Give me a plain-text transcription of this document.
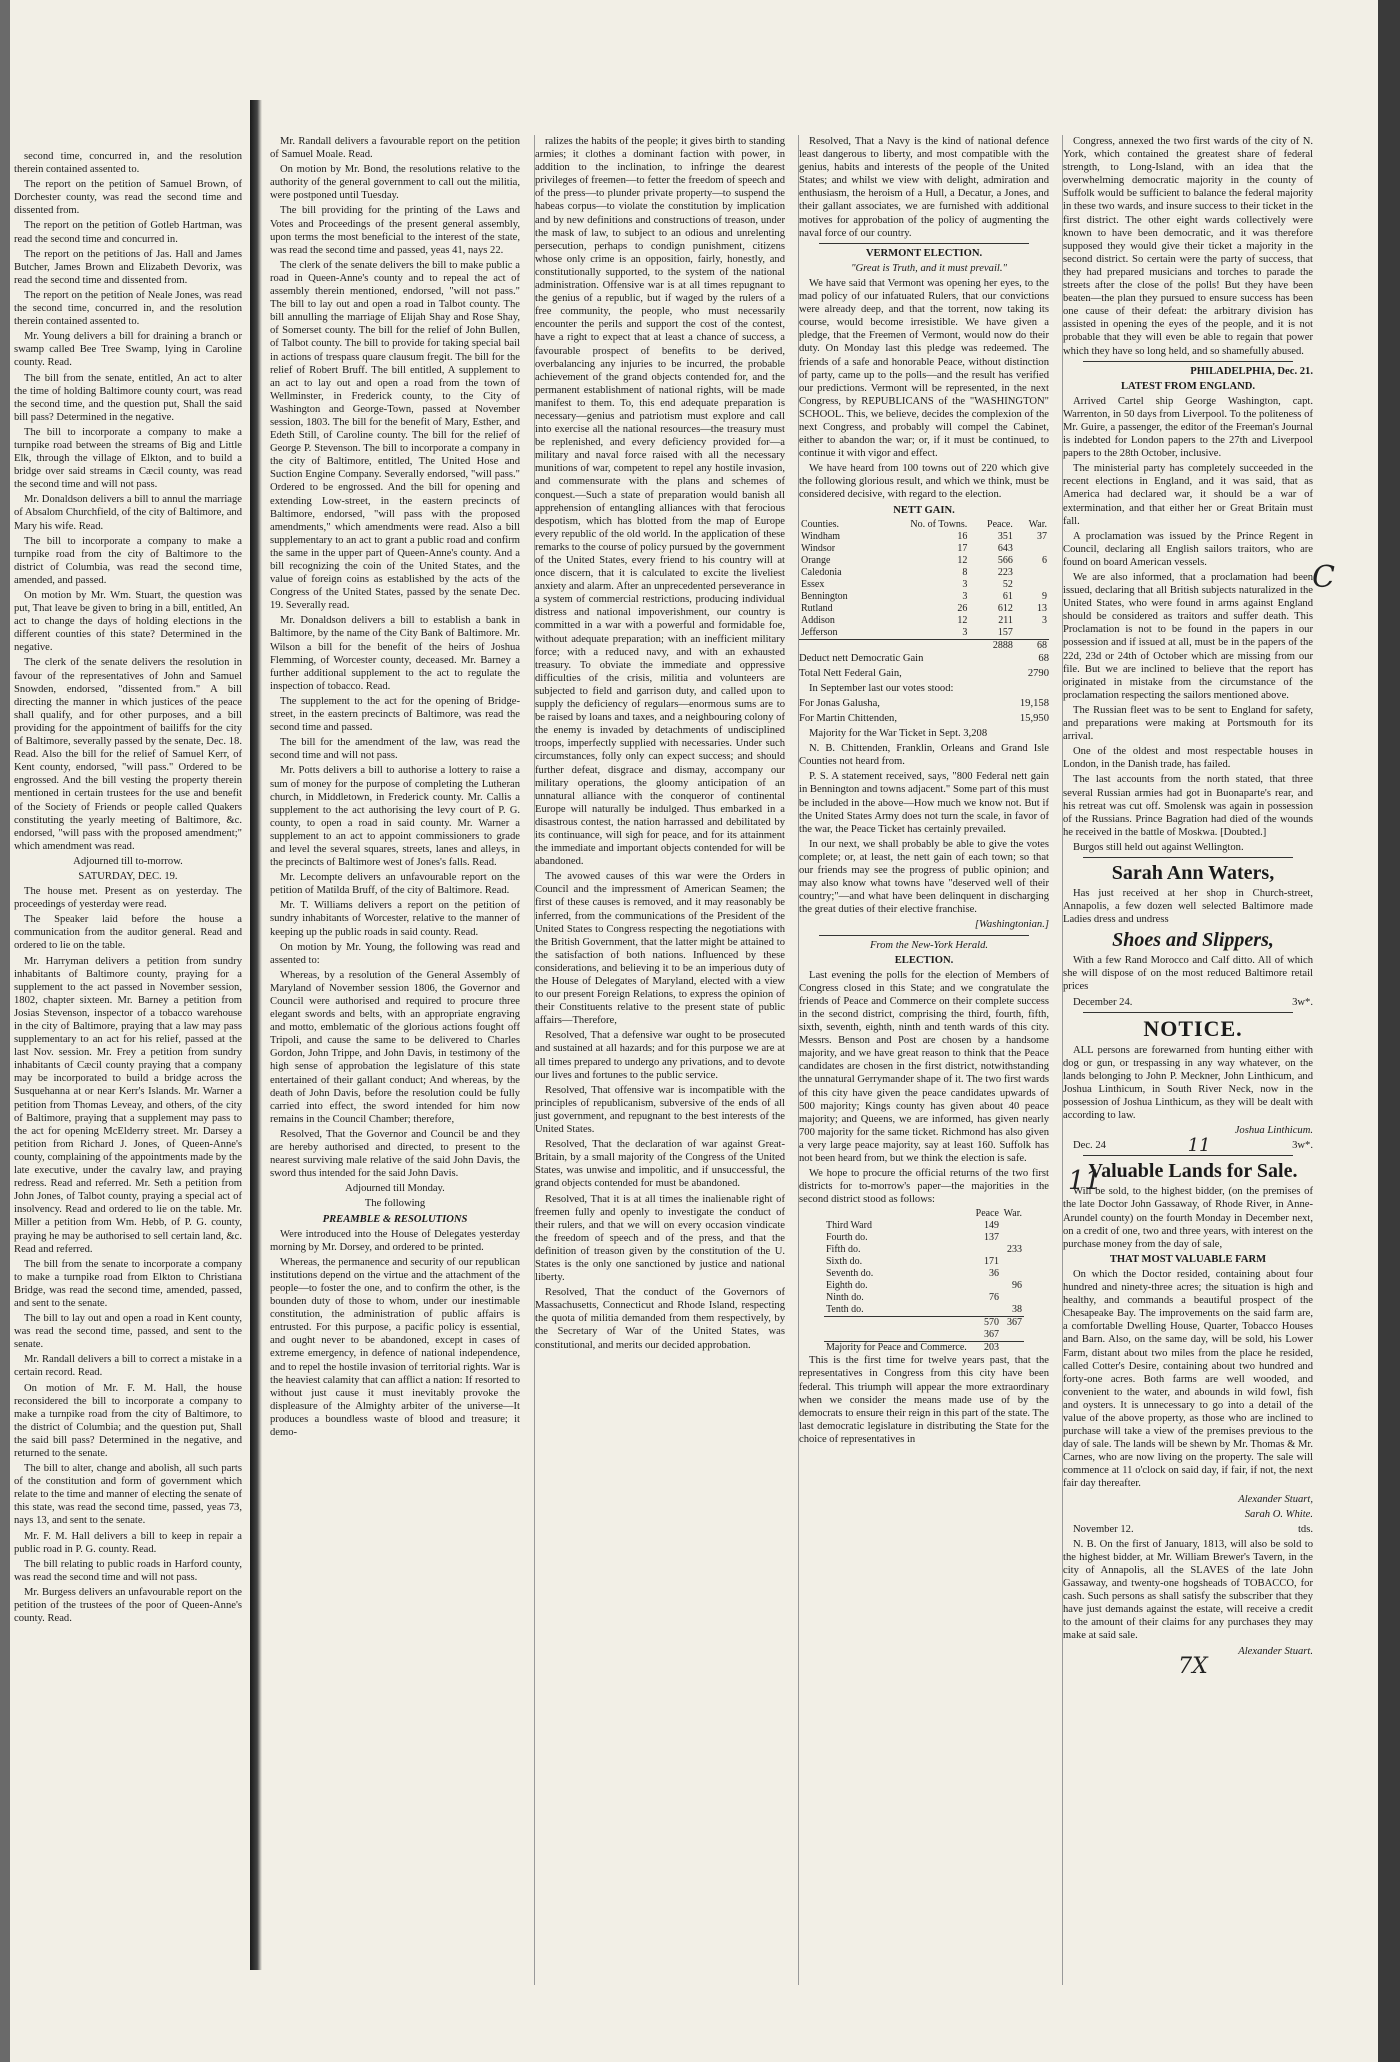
second time, concurred in, and the resolution therein contained assented to.

The report on the petition of Samuel Brown, of Dorchester county, was read the second time and dissented from.

The report on the petition of Gotleb Hartman, was read the second time and concurred in.

The report on the petitions of Jas. Hall and James Butcher, James Brown and Elizabeth Devorix, was read the second time and dissented from.

The report on the petition of Neale Jones, was read the second time, concurred in, and the resolution therein contained assented to.

Mr. Young delivers a bill for draining a branch or swamp called Bee Tree Swamp, lying in Caroline county. Read.

The bill from the senate, entitled, An act to alter the time of holding Baltimore county court, was read the second time, and the question put, Shall the said bill pass? Determined in the negative.

The bill to incorporate a company to make a turnpike road between the streams of Big and Little Elk, through the village of Elkton, and to build a bridge over said streams in Cæcil county, was read the second time and will not pass.

Mr. Donaldson delivers a bill to annul the marriage of Absalom Churchfield, of the city of Baltimore, and Mary his wife. Read.

The bill to incorporate a company to make a turnpike road from the city of Baltimore to the district of Columbia, was read the second time, amended, and passed.

On motion by Mr. Wm. Stuart, the question was put, That leave be given to bring in a bill, entitled, An act to change the days of holding elections in the different counties of this state? Determined in the negative.

The clerk of the senate delivers the resolution in favour of the representatives of John and Samuel Snowden, endorsed, "dissented from." A bill directing the manner in which justices of the peace shall qualify, and for other purposes, and a bill providing for the appointment of bailiffs for the city of Baltimore, severally passed by the senate, Dec. 18. Read. Also the bill for the relief of Samuel Kerr, of Kent county, endorsed, "will pass." Ordered to be engrossed. And the bill vesting the property therein mentioned in certain trustees for the use and benefit of the Society of Friends or people called Quakers constituting the yearly meeting of Baltimore, &c. endorsed, "will pass with the proposed amendment;" which amendment was read.

Adjourned till to-morrow.

SATURDAY, DEC. 19.

The house met. Present as on yesterday. The proceedings of yesterday were read.

The Speaker laid before the house a communication from the auditor general. Read and ordered to lie on the table.

Mr. Harryman delivers a petition from sundry inhabitants of Baltimore county, praying for a supplement to the act passed in November session, 1802, chapter sixteen. Mr. Barney a petition from Josias Stevenson, inspector of a tobacco warehouse in the city of Baltimore, praying that a law may pass supplementary to an act for his relief, passed at the last Nov. session. Mr. Frey a petition from sundry inhabitants of Cæcil county praying that a company may be incorporated to build a bridge across the Susquehanna at or near Kerr's Islands. Mr. Warner a petition from Thomas Leveay, and others, of the city of Baltimore, praying that a supplement may pass to the act for opening McElderry street. Mr. Darsey a petition from Richard J. Jones, of Queen-Anne's county, complaining of the appointments made by the late executive, under the cavalry law, and praying redress. Read and referred. Mr. Seth a petition from John Jones, of Talbot county, praying a special act of insolvency. Read and ordered to lie on the table. Mr. Miller a petition from Wm. Hebb, of P. G. county, praying he may be authorised to sell certain land, &c. Read and referred.

The bill from the senate to incorporate a company to make a turnpike road from Elkton to Christiana Bridge, was read the second time, amended, passed, and sent to the senate.

The bill to lay out and open a road in Kent county, was read the second time, passed, and sent to the senate.

Mr. Randall delivers a bill to correct a mistake in a certain record. Read.

On motion of Mr. F. M. Hall, the house reconsidered the bill to incorporate a company to make a turnpike road from the city of Baltimore, to the district of Columbia; and the question put, Shall the said bill pass? Determined in the negative, and returned to the senate.

The bill to alter, change and abolish, all such parts of the constitution and form of government which relate to the time and manner of electing the senate of this state, was read the second time, passed, yeas 73, nays 13, and sent to the senate.

Mr. F. M. Hall delivers a bill to keep in repair a public road in P. G. county. Read.

The bill relating to public roads in Harford county, was read the second time and will not pass.

Mr. Burgess delivers an unfavourable report on the petition of the trustees of the poor of Queen-Anne's county. Read.

Mr. Randall delivers a favourable report on the petition of Samuel Moale. Read.

On motion by Mr. Bond, the resolutions relative to the authority of the general government to call out the militia, were postponed until Tuesday.

The bill providing for the printing of the Laws and Votes and Proceedings of the present general assembly, upon terms the most beneficial to the interest of the state, was read the second time and passed, yeas 41, nays 22.

The clerk of the senate delivers the bill to make public a road in Queen-Anne's county and to repeal the act of assembly therein mentioned, endorsed, "will not pass." The bill to lay out and open a road in Talbot county. The bill annulling the marriage of Elijah Shay and Rose Shay, of Somerset county. The bill for the relief of John Bullen, of Talbot county. The bill to provide for taking special bail in actions of trespass quare clausum fregit. The bill for the relief of Robert Bruff. The bill entitled, A supplement to an act to lay out and open a road from the town of Wellminster, in Frederick county, to the City of Washington and George-Town, passed at November session, 1803. The bill for the benefit of Mary, Esther, and Edeth Still, of Caroline county. The bill for the relief of George P. Stevenson. The bill to incorporate a company in the city of Baltimore, entitled, The United Hose and Suction Engine Company. Severally endorsed, "will pass." Ordered to be engrossed. And the bill for opening and extending Low-street, in the eastern precincts of Baltimore, endorsed, "will pass with the proposed amendments," which amendments were read. Also a bill supplementary to an act to grant a public road and confirm the same in the upper part of Queen-Anne's county. And a bill recognizing the coin of the United States, and the value of foreign coins as established by the acts of the Congress of the United States, passed by the senate Dec. 19. Severally read.

Mr. Donaldson delivers a bill to establish a bank in Baltimore, by the name of the City Bank of Baltimore. Mr. Wilson a bill for the benefit of the heirs of Joshua Flemming, of Worcester county, deceased. Mr. Barney a further additional supplement to the act to regulate the inspection of tobacco. Read.

The supplement to the act for the opening of Bridge-street, in the eastern precincts of Baltimore, was read the second time and passed.

The bill for the amendment of the law, was read the second time and will not pass.

Mr. Potts delivers a bill to authorise a lottery to raise a sum of money for the purpose of completing the Lutheran church, in Middletown, in Frederick county. Mr. Callis a supplement to the act authorising the levy court of P. G. county, to open a road in said county. Mr. Warner a supplement to an act to appoint commissioners to grade and level the several squares, streets, lanes and alleys, in the precincts of Baltimore west of Jones's falls. Read.

Mr. Lecompte delivers an unfavourable report on the petition of Matilda Bruff, of the city of Baltimore. Read.

Mr. T. Williams delivers a report on the petition of sundry inhabitants of Worcester, relative to the manner of keeping up the public roads in said county. Read.

On motion by Mr. Young, the following was read and assented to:

Whereas, by a resolution of the General Assembly of Maryland of November session 1806, the Governor and Council were authorised and required to procure three elegant swords and belts, with an appropriate engraving and motto, emblematic of the glorious actions fought off Tripoli, and cause the same to be delivered to Charles Gordon, John Trippe, and John Davis, in testimony of the high sense of approbation the legislature of this state entertained of their gallant conduct; And whereas, by the death of John Davis, before the resolution could be fully carried into effect, the sword intended for him now remains in the Council Chamber; therefore,

Resolved, That the Governor and Council be and they are hereby authorised and directed, to present to the nearest surviving male relative of the said John Davis, the sword thus intended for the said John Davis.

Adjourned till Monday.

The following

PREAMBLE & RESOLUTIONS

Were introduced into the House of Delegates yesterday morning by Mr. Dorsey, and ordered to be printed.

Whereas, the permanence and security of our republican institutions depend on the virtue and the attachment of the people—to foster the one, and to confirm the other, is the bounden duty of those to whom, under our inestimable constitution, the administration of public affairs is entrusted. For this purpose, a pacific policy is essential, and ought never to be abandoned, except in cases of extreme emergency, in defence of national independence, and to repel the hostile invasion of territorial rights. War is the heaviest calamity that can afflict a nation: If resorted to without just cause it must inevitably provoke the displeasure of the Almighty arbiter of the universe—It produces a boundless waste of blood and treasure; it demo-

ralizes the habits of the people; it gives birth to standing armies; it clothes a dominant faction with power, in addition to the inclination, to infringe the dearest privileges of freemen—to fetter the freedom of speech and of the press—to plunder private property—to suspend the habeas corpus—to violate the constitution by implication and by new definitions and constructions of treason, under the mask of law, to subject to an odious and unrelenting persecution, perhaps to condign punishment, citizens whose only crime is an opposition, fairly, honestly, and constitutionally supported, to the system of the national administration. Offensive war is at all times repugnant to the genius of a republic, but if waged by the rulers of a free community, the people, who must necessarily encounter the perils and support the cost of the contest, have a right to expect that at least a chance of success, a favourable prospect of benefits to be derived, overbalancing any injuries to be incurred, the probable achievement of the grand objects contended for, and the permanent establishment of national rights, will be made manifest to them. To, this end adequate preparation is necessary—genius and patriotism must explore and call into exercise all the national resources—the treasury must be replenished, and every deficiency provided for—a military and naval force raised with all the necessary munitions of war, competent to repel any hostile invasion, and commensurate with the plans and schemes of conquest.—Such a state of preparation would banish all apprehension of entangling alliances with that ferocious despotism, which has blotted from the map of Europe every republic of the old world. In the application of these remarks to the course of policy pursued by the government of the United States, every friend to his country will at once discern, that it is calculated to excite the liveliest anxiety and alarm. After an unprecedented perseverance in a system of commercial restrictions, producing individual distress and national impoverishment, our country is committed in a war with a powerful and formidable foe, without adequate preparation; with an inefficient military force; with a reduced navy, and with an exhausted treasury. To obviate the immediate and oppressive difficulties of the crisis, militia and volunteers are subjected to field and garrison duty, and called upon to supply the deficiency of regulars—enormous sums are to be raised by loans and taxes, and a neighbouring colony of the enemy is invaded by detachments of undisciplined troops, imperfectly supplied with necessaries. Under such circumstances, folly only can expect success; and should further defeat, disgrace and dismay, accompany our military operations, the gloomy anticipation of an unnatural alliance with the conqueror of continental Europe will naturally be indulged. Thus embarked in a disastrous contest, the nation harrassed and debilitated by its continuance, will sigh for peace, and for its attainment the immediate and important objects contended for will be abandoned.

The avowed causes of this war were the Orders in Council and the impressment of American Seamen; the first of these causes is removed, and it may reasonably be inferred, from the communications of the President of the United States to Congress respecting the negotiations with the British Government, that the latter might be attained to the satisfaction of both nations. Influenced by these considerations, and believing it to be an imperious duty of the House of Delegates of Maryland, elected with a view to our present Foreign Relations, to express the opinion of their Constituents relative to the present state of public affairs—Therefore,

Resolved, That a defensive war ought to be prosecuted and sustained at all hazards; and for this purpose we are at all times prepared to undergo any privations, and to devote our lives and fortunes to the public service.

Resolved, That offensive war is incompatible with the principles of republicanism, subversive of the ends of all just government, and repugnant to the best interests of the United States.

Resolved, That the declaration of war against Great-Britain, by a small majority of the Congress of the United States, was unwise and impolitic, and if unsuccessful, the grand objects contended for must be abandoned.

Resolved, That it is at all times the inalienable right of freemen fully and openly to investigate the conduct of their rulers, and that we will on every occasion vindicate the freedom of speech and of the press, and that the definition of treason given by the constitution of the U. States is the only one sanctioned by justice and national liberty.

Resolved, That the conduct of the Governors of Massachusetts, Connecticut and Rhode Island, respecting the quota of militia demanded from them respectively, by the Secretary of War of the United States, was constitutional, and merits our decided approbation.

Resolved, That a Navy is the kind of national defence least dangerous to liberty, and most compatible with the genius, habits and interests of the people of the United States; and whilst we view with delight, admiration and enthusiasm, the heroism of a Hull, a Decatur, a Jones, and their gallant associates, we are furnished with additional motives for approbation of the policy of augmenting the naval force of our country.

VERMONT ELECTION.

"Great is Truth, and it must prevail."

We have said that Vermont was opening her eyes, to the mad policy of our infatuated Rulers, that our convictions were already deep, and that the torrent, now taking its course, would become irresistible. We have given a pledge, that the Freemen of Vermont, would now do their duty. On Monday last this pledge was redeemed. The friends of a safe and honorable Peace, without distinction of party, came up to the polls—and the result has verified our predictions. Vermont will be represented, in the next Congress, by REPUBLICANS of the "WASHINGTON" SCHOOL. This, we believe, decides the complexion of the next Congress, and probably will compel the Cabinet, either to abandon the war; or, if it must be continued, to continue it with vigor and effect.

We have heard from 100 towns out of 220 which give the following glorious result, and which we think, must be considered decisive, with regard to the election.

NETT GAIN.

Counties.	No. of Towns.	Peace.	War.
Windham	16	351	37
Windsor	17	643	
Orange	12	566	6
Caledonia	8	223	
Essex	3	52	
Bennington	3	61	9
Rutland	26	612	13
Addison	12	211	3
Jefferson	3	157	
		2888	68

Deduct nett Democratic Gain	68

Total Nett Federal Gain,	2790

In September last our votes stood:

For Jonas Galusha,	19,158

For Martin Chittenden,	15,950

Majority for the War Ticket in Sept. 3,208

N. B. Chittenden, Franklin, Orleans and Grand Isle Counties not heard from.

P. S. A statement received, says, "800 Federal nett gain in Bennington and towns adjacent." Some part of this must be included in the above—How much we know not. But if the United States Army does not turn the scale, in favor of the war, the Peace Ticket has certainly prevailed.

In our next, we shall probably be able to give the votes complete; or, at least, the nett gain of each town; so that our friends may see the progress of public opinion; and may also know what towns have "deserved well of their country;"—and what have been delinquent in discharging the great duties of their elective franchise.

[Washingtonian.]

From the New-York Herald.

ELECTION.

Last evening the polls for the election of Members of Congress closed in this State; and we congratulate the friends of Peace and Commerce on their complete success in the second district, comprising the third, fourth, fifth, sixth, seventh, eighth, ninth and tenth wards of this city. Messrs. Benson and Post are chosen by a handsome majority, and we have great reason to think that the Peace candidates are chosen in the first district, notwithstanding the unnatural Gerrymander shape of it. The two first wards of this city have given the peace candidates upwards of 500 majority; Kings county has given about 40 peace majority; and Queens, we are informed, has given nearly 700 majority for the same ticket. Richmond has also given a very large peace majority, say at least 160. Suffolk has not been heard from, but we think the election is safe.

We hope to procure the official returns of the two first districts for to-morrow's paper—the majorities in the second district stood as follows:

	Peace	War.
Third Ward	149	
Fourth do.	137	
Fifth do.		233
Sixth do.	171	
Seventh do.	36	
Eighth do.		96
Ninth do.	76	
Tenth do.		38
	570	367
	367	
Majority for Peace and Commerce.	203	

This is the first time for twelve years past, that the representatives in Congress from this city have been federal. This triumph will appear the more extraordinary when we consider the means made use of by the democrats to ensure their reign in this part of the state. The last democratic legislature in distributing the State for the choice of representatives in

Congress, annexed the two first wards of the city of N. York, which contained the greatest share of federal strength, to Long-Island, with an idea that the overwhelming democratic majority in the county of Suffolk would be sufficient to balance the federal majority in these two wards, and insure success to their ticket in the first district. The other eight wards collectively were known to have been democratic, and it was therefore supposed they would give their ticket a majority in the second district. So certain were the party of success, that they had prepared musicians and torches to parade the streets after the close of the polls! But they have been beaten—the plan they pursued to ensure success has been one cause of their defeat: the arbitrary division has assisted in opening the eyes of the people, and it is not probable that they will even be able to regain that power which they have so long held, and so shamefully abused.

PHILADELPHIA, Dec. 21.

LATEST FROM ENGLAND.

Arrived Cartel ship George Washington, capt. Warrenton, in 50 days from Liverpool. To the politeness of Mr. Guire, a passenger, the editor of the Freeman's Journal is indebted for London papers to the 27th and Liverpool papers to the 28th October, inclusive.

The ministerial party has completely succeeded in the recent elections in England, and it was said, that as America had declared war, it should be a war of extermination, and that either her or Great Britain must fall.

A proclamation was issued by the Prince Regent in Council, declaring all English sailors traitors, who are found on board American vessels.

We are also informed, that a proclamation had been issued, declaring that all British subjects naturalized in the United States, who were found in arms against England should be considered as traitors and suffer death. This Proclamation is not to be found in the papers in our possession and if issued at all, must be in the papers of the 22d, 23d or 24th of October which are missing from our file. But we are inclined to believe that the report has originated in mistake from the circumstance of the proclamation respecting the sailors mentioned above.

The Russian fleet was to be sent to England for safety, and preparations were making at Portsmouth for its arrival.

One of the oldest and most respectable houses in London, in the Danish trade, has failed.

The last accounts from the north stated, that three several Russian armies had got in Buonaparte's rear, and his retreat was cut off. Smolensk was again in possession of the Russians. Prince Bagration had died of the wounds he received in the battle of Moskwa. [Doubted.]

Burgos still held out against Wellington.

Sarah Ann Waters,

Has just received at her shop in Church-street, Annapolis, a few dozen well selected Baltimore made Ladies dress and undress

Shoes and Slippers,

With a few Rand Morocco and Calf ditto. All of which she will dispose of on the most reduced Baltimore retail prices

December 24.	3w*.

NOTICE.

ALL persons are forewarned from hunting either with dog or gun, or trespassing in any way whatever, on the lands belonging to John P. Meckner, John Linthicum, and Joshua Linthicum, in South River Neck, now in the possession of Joshua Linthicum, as they will be dealt with according to law.

Joshua Linthicum.

Dec. 24	11	3w*.

Valuable Lands for Sale.

Will be sold, to the highest bidder, (on the premises of the late Doctor John Gassaway, of Rhode River, in Anne-Arundel county) on the fourth Monday in December next, on a credit of one, two and three years, with interest on the purchase money from the day of sale,

THAT MOST VALUABLE FARM

On which the Doctor resided, containing about four hundred and ninety-three acres; the situation is high and healthy, and commands a beautiful prospect of the Chesapeake Bay. The improvements on the said farm are, a comfortable Dwelling House, Quarter, Tobacco Houses and Barn. Also, on the same day, will be sold, his Lower Farm, distant about two miles from the place he resided, called Cotter's Desire, containing about two hundred and forty-one acres. Both farms are well wooded, and convenient to the water, and abounds in wild fowl, fish and oysters. It is unnecessary to go into a detail of the value of the above property, as those who are inclined to purchase will take a view of the premises previous to the day of sale. The lands will be shewn by Mr. Thomas & Mr. Carnes, who are now living on the property. The sale will commence at 11 o'clock on said day, if fair, if not, the next fair day thereafter.

Alexander Stuart,

Sarah O. White.

November 12.	tds.

N. B. On the first of January, 1813, will also be sold to the highest bidder, at Mr. William Brewer's Tavern, in the city of Annapolis, all the SLAVES of the late John Gassaway, and twenty-one hogsheads of TOBACCO, for cash. Such persons as shall satisfy the subscriber that they have just demands against the estate, will receive a credit to the amount of their claims for any purchases they may make at said sale.

Alexander Stuart.

7X

C
11
